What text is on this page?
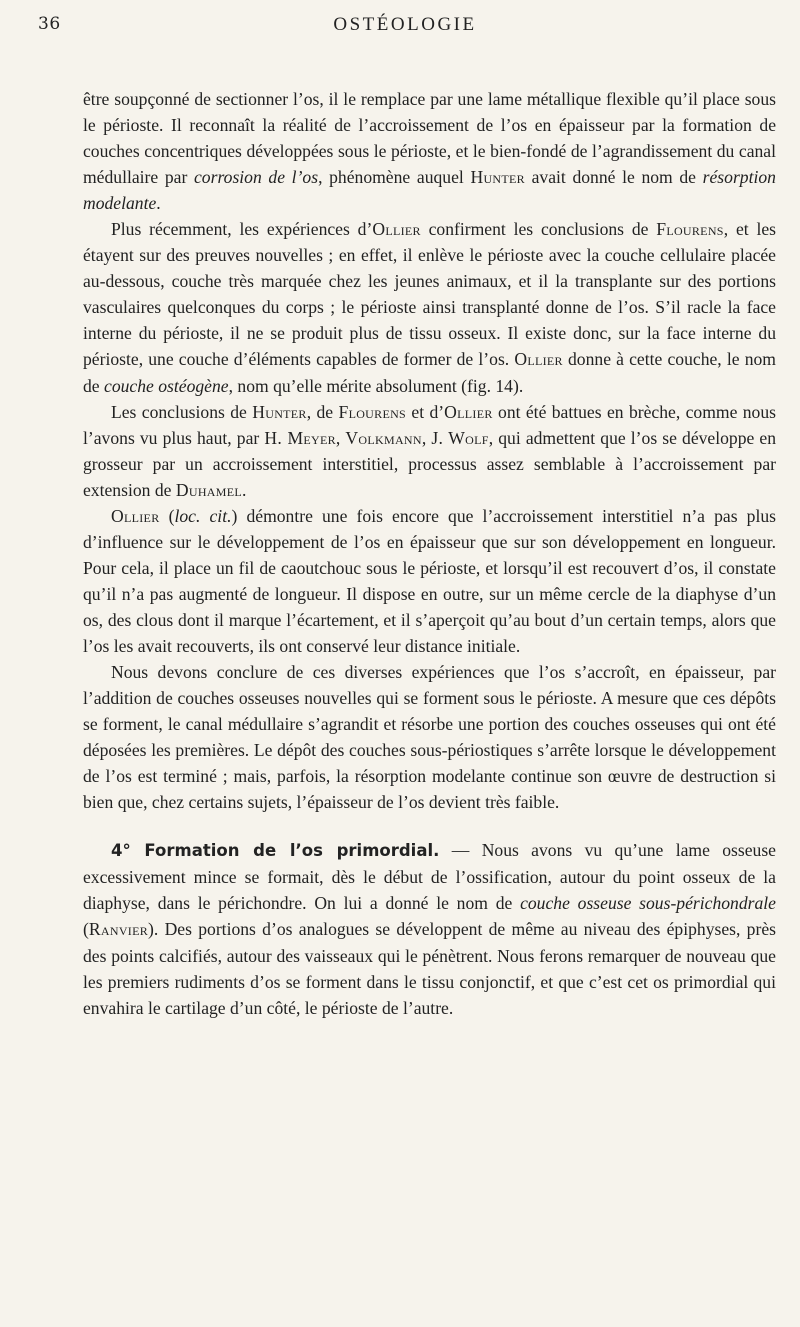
36	OSTÉOLOGIE

être soupçonné de sectionner l’os, il le remplace par une lame métallique flexible qu’il place sous le périoste. Il reconnaît la réalité de l’accroissement de l’os en épaisseur par la formation de couches concentriques développées sous le périoste, et le bien-fondé de l’agrandissement du canal médullaire par corrosion de l’os, phénomène auquel Hunter avait donné le nom de résorption modelante.

Plus récemment, les expériences d’Ollier confirment les conclusions de Flourens, et les étayent sur des preuves nouvelles ; en effet, il enlève le périoste avec la couche cellulaire placée au-dessous, couche très marquée chez les jeunes animaux, et il la transplante sur des portions vasculaires quelconques du corps ; le périoste ainsi transplanté donne de l’os. S’il racle la face interne du périoste, il ne se produit plus de tissu osseux. Il existe donc, sur la face interne du périoste, une couche d’éléments capables de former de l’os. Ollier donne à cette couche, le nom de couche ostéogène, nom qu’elle mérite absolument (fig. 14).

Les conclusions de Hunter, de Flourens et d’Ollier ont été battues en brèche, comme nous l’avons vu plus haut, par H. Meyer, Volkmann, J. Wolf, qui admettent que l’os se développe en grosseur par un accroissement interstitiel, processus assez semblable à l’accroissement par extension de Duhamel.

Ollier (loc. cit.) démontre une fois encore que l’accroissement interstitiel n’a pas plus d’influence sur le développement de l’os en épaisseur que sur son développement en longueur. Pour cela, il place un fil de caoutchouc sous le périoste, et lorsqu’il est recouvert d’os, il constate qu’il n’a pas augmenté de longueur. Il dispose en outre, sur un même cercle de la diaphyse d’un os, des clous dont il marque l’écartement, et il s’aperçoit qu’au bout d’un certain temps, alors que l’os les avait recouverts, ils ont conservé leur distance initiale.

Nous devons conclure de ces diverses expériences que l’os s’accroît, en épaisseur, par l’addition de couches osseuses nouvelles qui se forment sous le périoste. A mesure que ces dépôts se forment, le canal médullaire s’agrandit et résorbe une portion des couches osseuses qui ont été déposées les premières. Le dépôt des couches sous-périostiques s’arrête lorsque le développement de l’os est terminé ; mais, parfois, la résorption modelante continue son œuvre de destruction si bien que, chez certains sujets, l’épaisseur de l’os devient très faible.

4° Formation de l’os primordial. — Nous avons vu qu’une lame osseuse excessivement mince se formait, dès le début de l’ossification, autour du point osseux de la diaphyse, dans le périchondre. On lui a donné le nom de couche osseuse sous-périchondrale (Ranvier). Des portions d’os analogues se développent de même au niveau des épiphyses, près des points calcifiés, autour des vaisseaux qui le pénètrent. Nous ferons remarquer de nouveau que les premiers rudiments d’os se forment dans le tissu conjonctif, et que c’est cet os primordial qui envahira le cartilage d’un côté, le périoste de l’autre.
